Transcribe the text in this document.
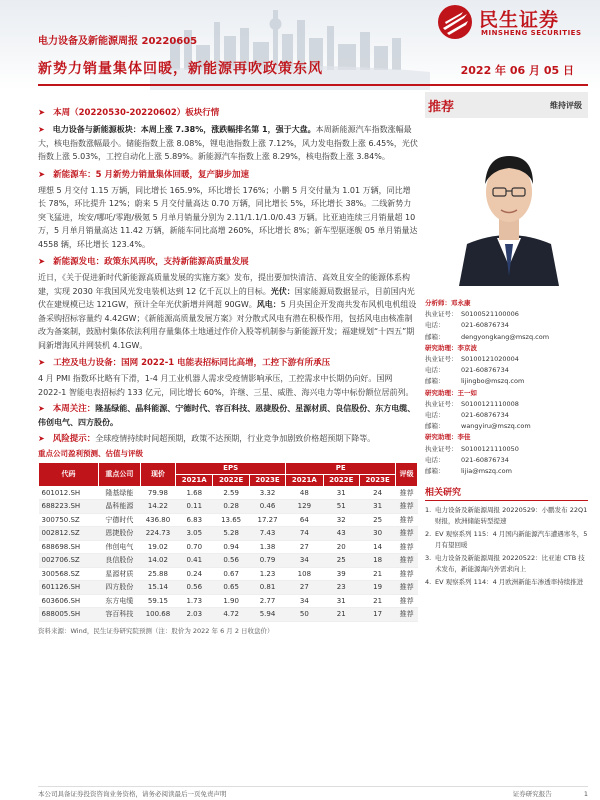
电力设备及新能源周报 20220605
新势力销量集体回暖，新能源再吹政策东风	2022 年 06 月 05 日
民生证券
MINSHENG SECURITIES
➤ 本周（20220530-20220602）板块行情
➤ 电力设备与新能源板块：本周上涨 7.38%，涨跌幅排名第 1，强于大盘。本周新能源汽车指数涨幅最大，核电指数涨幅最小。储能指数上涨 8.08%，锂电池指数上涨 7.12%，风力发电指数上涨 6.45%，光伏指数上涨 5.03%，工控自动化上涨 5.89%。新能源汽车指数上涨 8.29%，核电指数上涨 3.84%。
➤ 新能源车：5 月新势力销量集体回暖，复产脚步加速
理想 5 月交付 1.15 万辆，同比增长 165.9%，环比增长 176%；小鹏 5 月交付量为 1.01 万辆，同比增长 78%，环比提升 12%；蔚来 5 月交付量高达 0.70 万辆，同比增长 5%，环比增长 38%。二线新势力突飞猛进，埃安/哪吒/零跑/极氪 5 月单月销量分别为 2.11/1.1/1.0/0.43 万辆。比亚迪连续三月销量超 10 万，5 月单月销量高达 11.42 万辆，新能车同比高增 260%，环比增长 8%；新车型驱逐舰 05 单月销量达 4558 辆，环比增长 123.4%。
➤ 新能源发电：政策东风再吹，支持新能源高质量发展
近日，《关于促进新时代新能源高质量发展的实施方案》发布，提出要加快清洁、高效且安全的能源体系构建，实现 2030 年我国风光发电装机达到 12 亿千瓦以上的目标。光伏：国家能源局数据显示，目前国内光伏在建规模已达 121GW，预计全年光伏新增并网超 90GW。风电：5 月央国企开发商共发布风机电机组设备采购招标容量约 4.42GW；《新能源高质量发展方案》对分散式风电有潜在积极作用，包括风电由核准制改为备案制，鼓励村集体依法利用存量集体土地通过作价入股等机制参与新能源开发；福建规划“十四五”期间新增海风并网装机 4.1GW。
➤ 工控及电力设备：国网 2022-1 电能表招标同比高增，工控下游有所承压
4 月 PMI 指数环比略有下滑，1-4 月工业机器人需求受疫情影响承压，工控需求中长期仍向好。国网 2022-1 智能电表招标约 133 亿元，同比增长 60%，许继、三星、威胜、海兴电力等中标份额位居前列。
➤ 本周关注：隆基绿能、晶科能源、宁德时代、容百科技、恩捷股份、星源材质、良信股份、东方电缆、伟创电气、四方股份。
➤ 风险提示：全球疫情持续时间超预期，政策不达预期，行业竞争加剧致价格超预期下降等。
重点公司盈利预测、估值与评级
代码	重点公司	现价	EPS			PE			评级
			2021A	2022E	2023E	2021A	2022E	2023E	
601012.SH	隆基绿能	79.98	1.68	2.59	3.32	48	31	24	推荐
688223.SH	晶科能源	14.22	0.11	0.28	0.46	129	51	31	推荐
300750.SZ	宁德时代	436.80	6.83	13.65	17.27	64	32	25	推荐
002812.SZ	恩捷股份	224.73	3.05	5.28	7.43	74	43	30	推荐
688698.SH	伟创电气	19.02	0.70	0.94	1.38	27	20	14	推荐
002706.SZ	良信股份	14.02	0.41	0.56	0.79	34	25	18	推荐
300568.SZ	星源材质	25.88	0.24	0.67	1.23	108	39	21	推荐
601126.SH	四方股份	15.14	0.56	0.65	0.81	27	23	19	推荐
603606.SH	东方电缆	59.15	1.73	1.90	2.77	34	31	21	推荐
688005.SH	容百科技	100.68	2.03	4.72	5.94	50	21	17	推荐
资料来源：Wind，民生证券研究院预测（注：股价为 2022 年 6 月 2 日收盘价）
推荐	维持评级
分析师：邓永康
执业证号： S0100521100006
电话：	021-60876734
邮箱：	dengyongkang@mszq.com
研究助理：李京波
执业证号： S0100121020004
电话：	021-60876734
邮箱：	lijingbo@mszq.com
研究助理：王一如
执业证号： S0100121110008
电话：	021-60876734
邮箱：	wangyiru@mszq.com
研究助理：李佳
执业证号： S0100121110050
电话：	021-60876734
邮箱：	lijia@mszq.com
相关研究
1. 电力设备及新能源周报 20220529：小鹏发布 22Q1 财报，欧洲储能转型提速
2. EV 观察系列 115：4 月国内新能源汽车遭遇寒冬，5 月有望回暖
3. 电力设备及新能源周报 20220522：比亚迪 CTB 技术发布，新能源海内外需求向上
4. EV 观察系列 114：4 月欧洲新能车渗透率持续推进
本公司具备证券投资咨询业务资格，请务必阅读最后一页免责声明	证券研究报告	1
